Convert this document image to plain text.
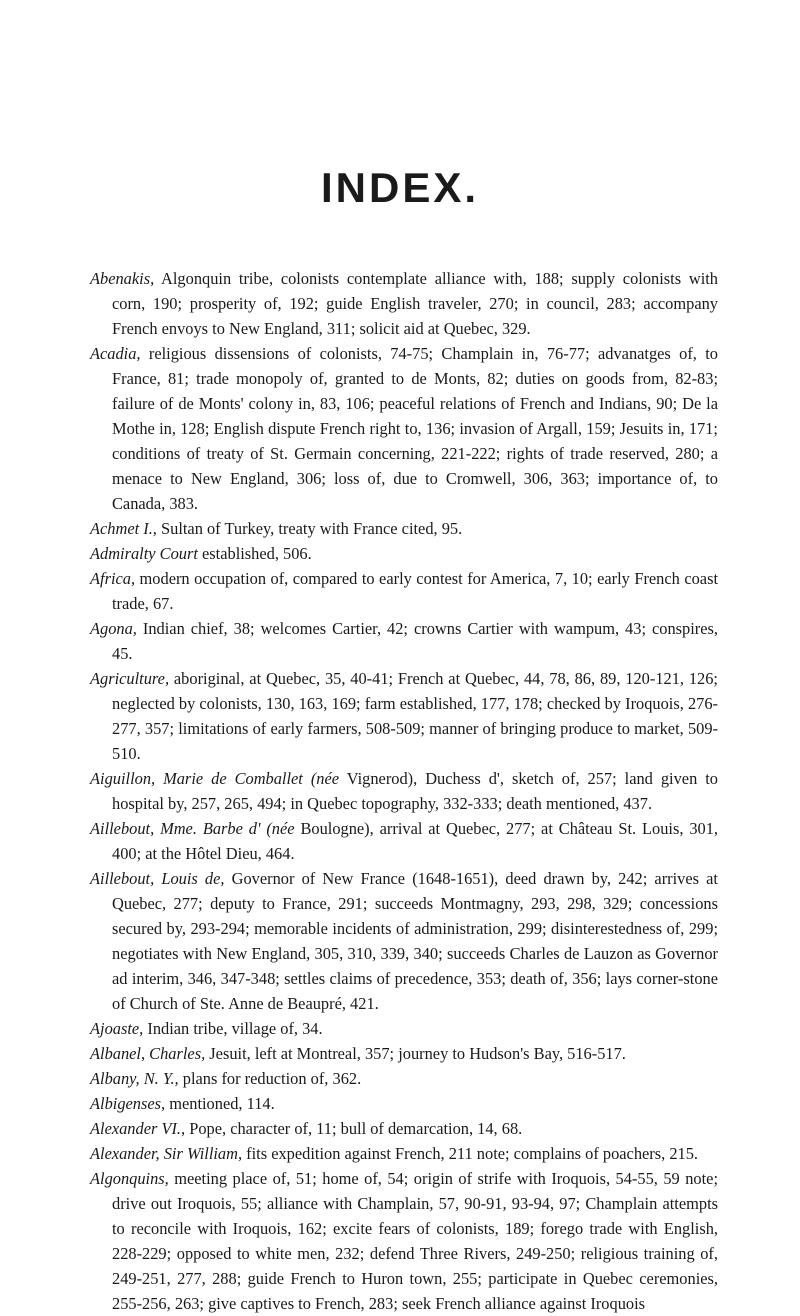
INDEX.

Abenakis, Algonquin tribe, colonists contemplate alliance with, 188; supply colonists with corn, 190; prosperity of, 192; guide English traveler, 270; in council, 283; accompany French envoys to New England, 311; solicit aid at Quebec, 329.

Acadia, religious dissensions of colonists, 74-75; Champlain in, 76-77; advanatges of, to France, 81; trade monopoly of, granted to de Monts, 82; duties on goods from, 82-83; failure of de Monts' colony in, 83, 106; peaceful relations of French and Indians, 90; De la Mothe in, 128; English dispute French right to, 136; invasion of Argall, 159; Jesuits in, 171; conditions of treaty of St. Germain concerning, 221-222; rights of trade reserved, 280; a menace to New England, 306; loss of, due to Cromwell, 306, 363; importance of, to Canada, 383.

Achmet I., Sultan of Turkey, treaty with France cited, 95.

Admiralty Court established, 506.

Africa, modern occupation of, compared to early contest for America, 7, 10; early French coast trade, 67.

Agona, Indian chief, 38; welcomes Cartier, 42; crowns Cartier with wampum, 43; conspires, 45.

Agriculture, aboriginal, at Quebec, 35, 40-41; French at Quebec, 44, 78, 86, 89, 120-121, 126; neglected by colonists, 130, 163, 169; farm established, 177, 178; checked by Iroquois, 276-277, 357; limitations of early farmers, 508-509; manner of bringing produce to market, 509-510.

Aiguillon, Marie de Comballet (née Vignerod), Duchess d', sketch of, 257; land given to hospital by, 257, 265, 494; in Quebec topography, 332-333; death mentioned, 437.

Aillebout, Mme. Barbe d' (née Boulogne), arrival at Quebec, 277; at Château St. Louis, 301, 400; at the Hôtel Dieu, 464.

Aillebout, Louis de, Governor of New France (1648-1651), deed drawn by, 242; arrives at Quebec, 277; deputy to France, 291; succeeds Montmagny, 293, 298, 329; concessions secured by, 293-294; memorable incidents of administration, 299; disinterestedness of, 299; negotiates with New England, 305, 310, 339, 340; succeeds Charles de Lauzon as Governor ad interim, 346, 347-348; settles claims of precedence, 353; death of, 356; lays corner-stone of Church of Ste. Anne de Beaupré, 421.

Ajoaste, Indian tribe, village of, 34.

Albanel, Charles, Jesuit, left at Montreal, 357; journey to Hudson's Bay, 516-517.

Albany, N. Y., plans for reduction of, 362.

Albigenses, mentioned, 114.

Alexander VI., Pope, character of, 11; bull of demarcation, 14, 68.

Alexander, Sir William, fits expedition against French, 211 note; complains of poachers, 215.

Algonquins, meeting place of, 51; home of, 54; origin of strife with Iroquois, 54-55, 59 note; drive out Iroquois, 55; alliance with Champlain, 57, 90-91, 93-94, 97; Champlain attempts to reconcile with Iroquois, 162; excite fears of colonists, 189; forego trade with English, 228-229; opposed to white men, 232; defend Three Rivers, 249-250; religious training of, 249-251, 277, 288; guide French to Huron town, 255; participate in Quebec ceremonies, 255-256, 263; give captives to French, 283; seek French alliance against Iroquois
